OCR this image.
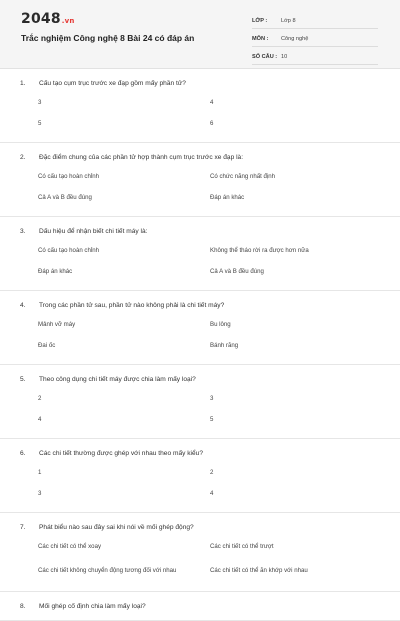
2048.vn
Trắc nghiệm Công nghệ 8 Bài 24 có đáp án
LỚP :	Lớp 8
MÔN :	Công nghệ
SỐ CÂU : 10
1.	Cấu tạo cụm trục trước xe đạp gồm mấy phần tử?
3	4
5	6
2.	Đặc điểm chung của các phần tử hợp thành cụm trục trước xe đạp là:
Có cấu tạo hoàn chỉnh	Có chức năng nhất định
Cả A và B đều đúng	Đáp án khác
3.	Dấu hiệu để nhận biết chi tiết máy là:
Có cấu tạo hoàn chỉnh	Không thể tháo rời ra được hơn nữa
Đáp án khác	Cả A và B đều đúng
4.	Trong các phần tử sau, phần tử nào không phải là chi tiết máy?
Mảnh vỡ máy	Bu lông
Đai ốc	Bánh răng
5.	Theo công dụng chi tiết máy được chia làm mấy loại?
2	3
4	5
6.	Các chi tiết thường được ghép với nhau theo mấy kiểu?
1	2
3	4
7.	Phát biểu nào sau đây sai khi nói về mối ghép động?
Các chi tiết có thể xoay	Các chi tiết có thể trượt
Các chi tiết không chuyển động tương đối với nhau	Các chi tiết có thể ăn khớp với nhau
8.	Mối ghép cố định chia làm mấy loại?
